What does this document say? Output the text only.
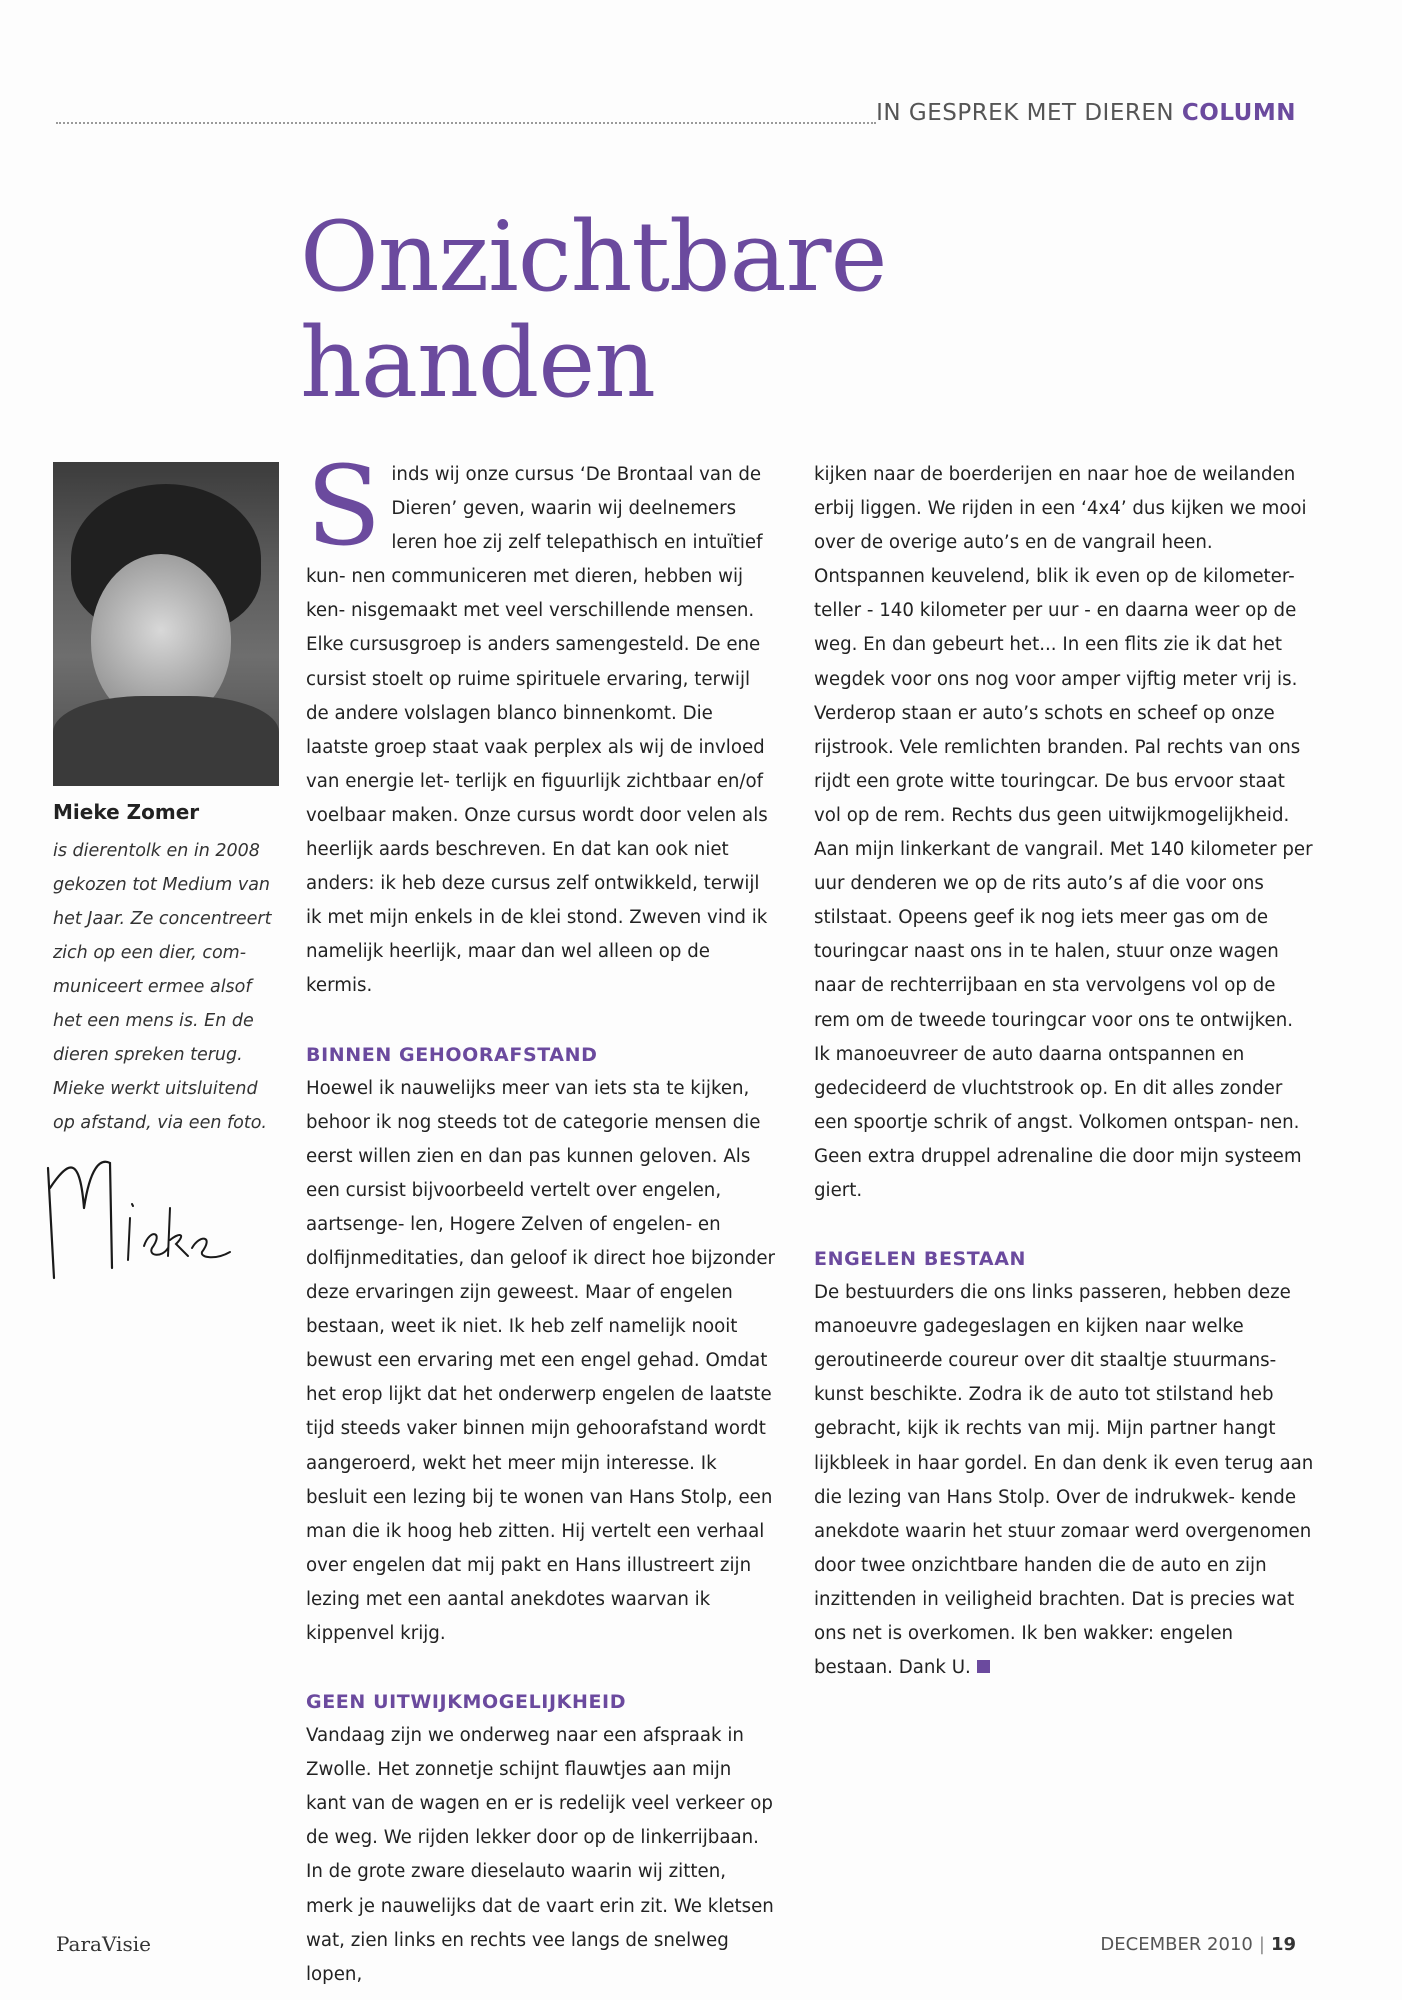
IN GESPREK MET DIEREN COLUMN
Onzichtbare handen
Mieke Zomer
is dierentolk en in 2008 gekozen tot Medium van het Jaar. Ze concentreert zich op een dier, com- municeert ermee alsof het een mens is. En de dieren spreken terug. Mieke werkt uitsluitend op afstand, via een foto.

Sinds wij onze cursus ‘De Brontaal van de Dieren’ geven, waarin wij deelnemers leren hoe zij zelf telepathisch en intuïtief kun- nen communiceren met dieren, hebben wij ken- nisgemaakt met veel verschillende mensen. Elke cursusgroep is anders samengesteld. De ene cursist stoelt op ruime spirituele ervaring, terwijl de andere volslagen blanco binnenkomt. Die laatste groep staat vaak perplex als wij de invloed van energie let- terlijk en figuurlijk zichtbaar en/of voelbaar maken. Onze cursus wordt door velen als heerlijk aards beschreven. En dat kan ook niet anders: ik heb deze cursus zelf ontwikkeld, terwijl ik met mijn enkels in de klei stond. Zweven vind ik namelijk heerlijk, maar dan wel alleen op de kermis.

BINNEN GEHOORAFSTAND

Hoewel ik nauwelijks meer van iets sta te kijken, behoor ik nog steeds tot de categorie mensen die eerst willen zien en dan pas kunnen geloven. Als een cursist bijvoorbeeld vertelt over engelen, aartsenge- len, Hogere Zelven of engelen- en dolfijnmeditaties, dan geloof ik direct hoe bijzonder deze ervaringen zijn geweest. Maar of engelen bestaan, weet ik niet. Ik heb zelf namelijk nooit bewust een ervaring met een engel gehad. Omdat het erop lijkt dat het onderwerp engelen de laatste tijd steeds vaker binnen mijn gehoorafstand wordt aangeroerd, wekt het meer mijn interesse. Ik besluit een lezing bij te wonen van Hans Stolp, een man die ik hoog heb zitten. Hij vertelt een verhaal over engelen dat mij pakt en Hans illustreert zijn lezing met een aantal anekdotes waarvan ik kippenvel krijg.

GEEN UITWIJKMOGELIJKHEID

Vandaag zijn we onderweg naar een afspraak in Zwolle. Het zonnetje schijnt flauwtjes aan mijn kant van de wagen en er is redelijk veel verkeer op de weg. We rijden lekker door op de linkerrijbaan. In de grote zware dieselauto waarin wij zitten, merk je nauwelijks dat de vaart erin zit. We kletsen wat, zien links en rechts vee langs de snelweg lopen,

kijken naar de boerderijen en naar hoe de weilanden erbij liggen. We rijden in een ‘4x4’ dus kijken we mooi over de overige auto’s en de vangrail heen. Ontspannen keuvelend, blik ik even op de kilometer- teller - 140 kilometer per uur - en daarna weer op de weg. En dan gebeurt het... In een flits zie ik dat het wegdek voor ons nog voor amper vijftig meter vrij is. Verderop staan er auto’s schots en scheef op onze rijstrook. Vele remlichten branden. Pal rechts van ons rijdt een grote witte touringcar. De bus ervoor staat vol op de rem. Rechts dus geen uitwijkmogelijkheid. Aan mijn linkerkant de vangrail. Met 140 kilometer per uur denderen we op de rits auto’s af die voor ons stilstaat. Opeens geef ik nog iets meer gas om de touringcar naast ons in te halen, stuur onze wagen naar de rechterrijbaan en sta vervolgens vol op de rem om de tweede touringcar voor ons te ontwijken. Ik manoeuvreer de auto daarna ontspannen en gedecideerd de vluchtstrook op. En dit alles zonder een spoortje schrik of angst. Volkomen ontspan- nen. Geen extra druppel adrenaline die door mijn systeem giert.

ENGELEN BESTAAN

De bestuurders die ons links passeren, hebben deze manoeuvre gadegeslagen en kijken naar welke geroutineerde coureur over dit staaltje stuurmans- kunst beschikte. Zodra ik de auto tot stilstand heb gebracht, kijk ik rechts van mij. Mijn partner hangt lijkbleek in haar gordel. En dan denk ik even terug aan die lezing van Hans Stolp. Over de indrukwek- kende anekdote waarin het stuur zomaar werd overgenomen door twee onzichtbare handen die de auto en zijn inzittenden in veiligheid brachten. Dat is precies wat ons net is overkomen. Ik ben wakker: engelen bestaan. Dank U.

ParaVisie	DECEMBER 2010 | 19
